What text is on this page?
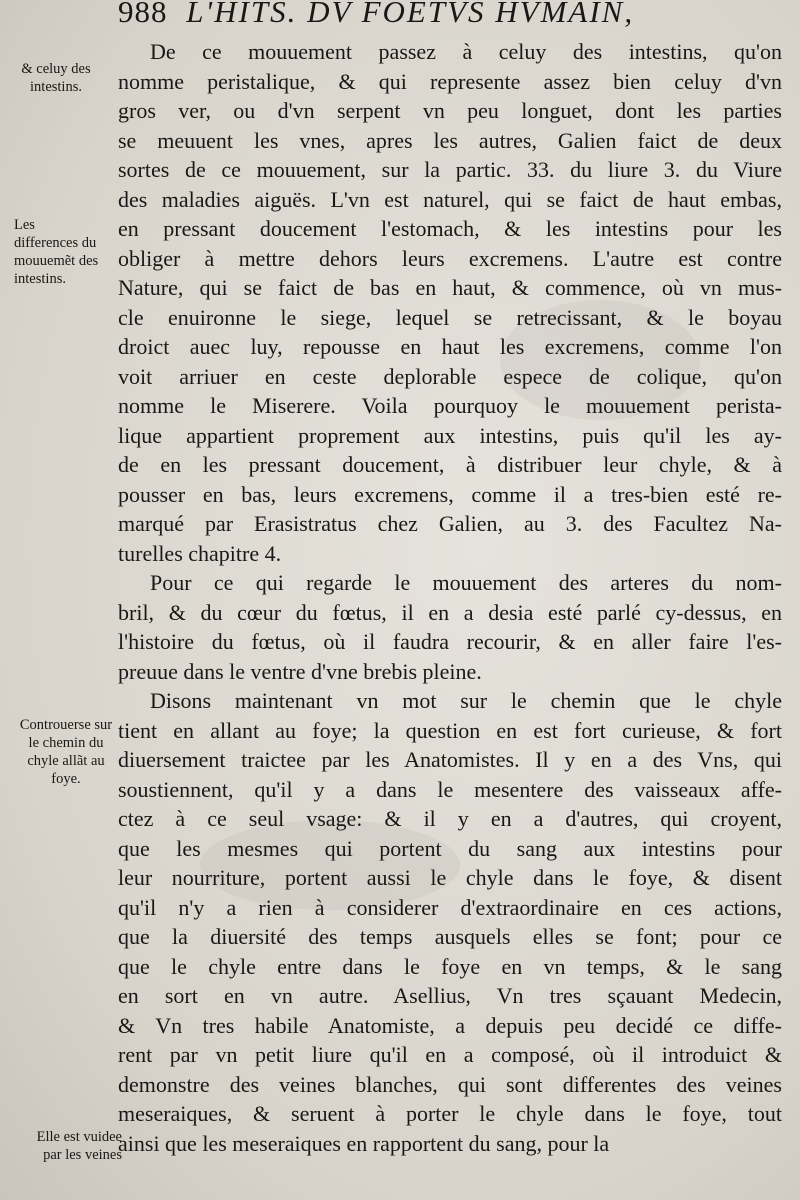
988 L'HITS. DV FOETVS HVMAIN,
& celuy des intestins.
Les differences du mouuemẽt des intestins.
Controuerse sur le chemin du chyle allãt au foye.
Elle est vuidee par les veines
De ce mouuement passez à celuy des intestins, qu'on
nomme peristalique, & qui represente assez bien celuy d'vn
gros ver, ou d'vn serpent vn peu longuet, dont les parties
se meuuent les vnes, apres les autres, Galien faict de deux
sortes de ce mouuement, sur la partic. 33. du liure 3. du Viure
des maladies aiguës. L'vn est naturel, qui se faict de haut embas,
en pressant doucement l'estomach, & les intestins pour les
obliger à mettre dehors leurs excremens. L'autre est contre
Nature, qui se faict de bas en haut, & commence, où vn mus-
cle enuironne le siege, lequel se retrecissant, & le boyau
droict auec luy, repousse en haut les excremens, comme l'on
voit arriuer en ceste deplorable espece de colique, qu'on
nomme le Miserere. Voila pourquoy le mouuement perista-
lique appartient proprement aux intestins, puis qu'il les ay-
de en les pressant doucement, à distribuer leur chyle, & à
pousser en bas, leurs excremens, comme il a tres-bien esté re-
marqué par Erasistratus chez Galien, au 3. des Facultez Na-
turelles chapitre 4.
Pour ce qui regarde le mouuement des arteres du nom-
bril, & du cœur du fœtus, il en a desia esté parlé cy-dessus, en
l'histoire du fœtus, où il faudra recourir, & en aller faire l'es-
preuue dans le ventre d'vne brebis pleine.
Disons maintenant vn mot sur le chemin que le chyle
tient en allant au foye; la question en est fort curieuse, & fort
diuersement traictee par les Anatomistes. Il y en a des Vns, qui
soustiennent, qu'il y a dans le mesentere des vaisseaux affe-
ctez à ce seul vsage: & il y en a d'autres, qui croyent,
que les mesmes qui portent du sang aux intestins pour
leur nourriture, portent aussi le chyle dans le foye, & disent
qu'il n'y a rien à considerer d'extraordinaire en ces actions,
que la diuersité des temps ausquels elles se font; pour ce
que le chyle entre dans le foye en vn temps, & le sang
en sort en vn autre. Asellius, Vn tres sçauant Medecin,
& Vn tres habile Anatomiste, a depuis peu decidé ce diffe-
rent par vn petit liure qu'il en a composé, où il introduict &
demonstre des veines blanches, qui sont differentes des veines
meseraiques, & seruent à porter le chyle dans le foye, tout
ainsi que les meseraiques en rapportent du sang, pour la
